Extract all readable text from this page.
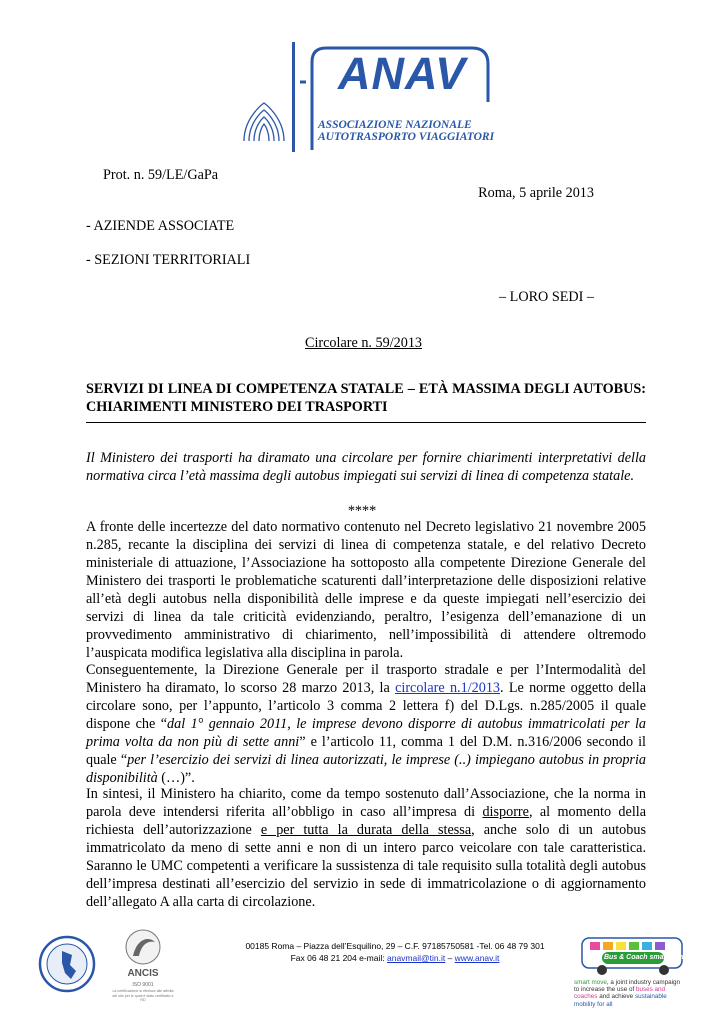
ANAV
ASSOCIAZIONE NAZIONALE
AUTOTRASPORTO VIAGGIATORI
Prot. n. 59/LE/GaPa
Roma, 5 aprile 2013
- AZIENDE ASSOCIATE
- SEZIONI TERRITORIALI
– LORO SEDI –
Circolare n. 59/2013
SERVIZI DI LINEA DI COMPETENZA STATALE – ETÀ MASSIMA DEGLI AUTOBUS: CHIARIMENTI MINISTERO DEI TRASPORTI
Il Ministero dei trasporti ha diramato una circolare per fornire chiarimenti interpretativi della normativa circa l’età massima degli autobus impiegati sui servizi di linea di competenza statale.
****
A fronte delle incertezze del dato normativo contenuto nel Decreto legislativo 21 novembre 2005 n.285, recante la disciplina dei servizi di linea di competenza statale, e del relativo Decreto ministeriale di attuazione, l’Associazione ha sottoposto alla competente Direzione Generale del Ministero dei trasporti le problematiche scaturenti dall’interpretazione delle disposizioni relative all’età degli autobus nella disponibilità delle imprese e da queste impiegati nell’esercizio dei servizi di linea da tale criticità evidenziando, peraltro, l’esigenza dell’emanazione di un provvedimento amministrativo di chiarimento, nell’impossibilità di attendere oltremodo l’auspicata modifica legislativa alla disciplina in parola.
Conseguentemente, la Direzione Generale per il trasporto stradale e per l’Intermodalità del Ministero ha diramato, lo scorso 28 marzo 2013, la circolare n.1/2013. Le norme oggetto della circolare sono, per l’appunto, l’articolo 3 comma 2 lettera f) del D.Lgs. n.285/2005 il quale dispone che “dal 1° gennaio 2011, le imprese devono disporre di autobus immatricolati per la prima volta da non più di sette anni” e l’articolo 11, comma 1 del D.M. n.316/2006 secondo il quale “per l’esercizio dei servizi di linea autorizzati, le imprese (..) impiegano autobus in propria disponibilità (…)”.
In sintesi, il Ministero ha chiarito, come da tempo sostenuto dall’Associazione, che la norma in parola deve intendersi riferita all’obbligo in caso all’impresa di disporre, al momento della richiesta dell’autorizzazione e per tutta la durata della stessa, anche solo di un autobus immatricolato da meno di sette anni e non di un intero parco veicolare con tale caratteristica. Saranno le UMC competenti a verificare la sussistenza di tale requisito sulla totalità degli autobus dell’impresa destinati all’esercizio del servizio in sede di immatricolazione o di aggiornamento dell’allegato A alla carta di circolazione.
ANCIS
ISO 9001
La certificazione si riferisce alle attività del sito per le quali è stato certificato e RD
00185 Roma – Piazza dell’Esquilino, 29 – C.F. 97185750581 -Tel. 06 48 79 301
Fax 06 48 21 204 e-mail: anavmail@tin.it – www.anav.it	Bus & Coach smart move
smart move, a joint industry campaign to increase the use of buses and coaches and achieve sustainable mobility for all
